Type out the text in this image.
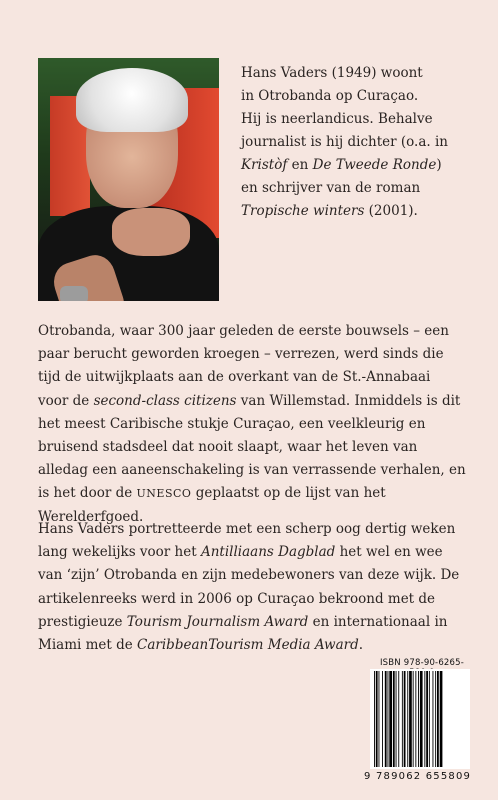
Hans Vaders (1949) woont
in Otrobanda op Curaçao.
Hij is neerlandicus. Behalve
journalist is hij dichter (o.a. in
Kristòf en De Tweede Ronde)
en schrijver van de roman
Tropische winters (2001).

Otrobanda, waar 300 jaar geleden de eerste bouwsels – een
paar berucht geworden kroegen – verrezen, werd sinds die
tijd de uitwijkplaats aan de overkant van de St.-Annabaai
voor de second-class citizens van Willemstad. Inmiddels is dit
het meest Caribische stukje Curaçao, een veelkleurig en
bruisend stadsdeel dat nooit slaapt, waar het leven van
alledag een aaneenschakeling is van verrassende verhalen, en
is het door de UNESCO geplaatst op de lijst van het
Werelderfgoed.

Hans Vaders portretteerde met een scherp oog dertig weken
lang wekelijks voor het Antilliaans Dagblad het wel en wee
van ‘zijn’ Otrobanda en zijn medebewoners van deze wijk. De
artikelenreeks werd in 2006 op Curaçao bekroond met de
prestigieuze Tourism Journalism Award en internationaal in
Miami met de CaribbeanTourism Media Award.

ISBN 978-90-6265-
9 789062 655809
